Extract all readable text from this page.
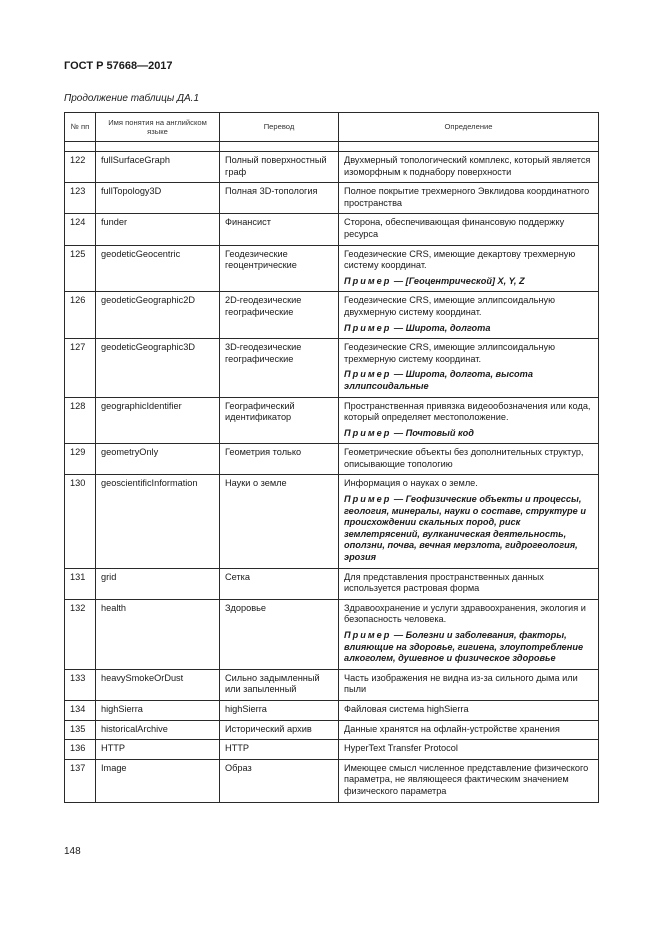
ГОСТ Р 57668—2017
Продолжение таблицы ДА.1
№ пп	Имя понятия на английском языке	Перевод	Определение

122	fullSurfaceGraph	Полный поверхностный граф	Двухмерный топологический комплекс, который является изоморфным к поднабору поверхности

123	fullTopology3D	Полная 3D-топология	Полное покрытие трехмерного Эвклидова координатного пространства

124	funder	Финансист	Сторона, обеспечивающая финансовую поддержку ресурса

125	geodeticGeocentric	Геодезические геоцентрические	Геодезические CRS, имеющие декартову трехмерную систему координат.
Пример — [Геоцентрической] X, Y, Z

126	geodeticGeographic2D	2D-геодезические географические	Геодезические CRS, имеющие эллипсоидальную двухмерную систему координат.
Пример — Широта, долгота

127	geodeticGeographic3D	3D-геодезические географические	Геодезические CRS, имеющие эллипсоидальную трехмерную систему координат.
Пример — Широта, долгота, высота эллипсоидальные

128	geographicIdentifier	Географический идентификатор	Пространственная привязка видеообозначения или кода, который определяет местоположение.
Пример — Почтовый код

129	geometryOnly	Геометрия только	Геометрические объекты без дополнительных структур, описывающие топологию

130	geoscientificInformation	Науки о земле	Информация о науках о земле.
Пример — Геофизические объекты и процессы, геология, минералы, науки о составе, структуре и происхождении скальных пород, риск землетрясений, вулканическая деятельность, оползни, почва, вечная мерзлота, гидрогеология, эрозия

131	grid	Сетка	Для представления пространственных данных используется растровая форма

132	health	Здоровье	Здравоохранение и услуги здравоохранения, экология и безопасность человека.
Пример — Болезни и заболевания, факторы, влияющие на здоровье, гигиена, злоупотребление алкоголем, душевное и физическое здоровье

133	heavySmokeOrDust	Сильно задымленный или запыленный	Часть изображения не видна из-за сильного дыма или пыли

134	highSierra	highSierra	Файловая система highSierra

135	historicalArchive	Исторический архив	Данные хранятся на офлайн-устройстве хранения

136	HTTP	HTTP	HyperText Transfer Protocol

137	Image	Образ	Имеющее смысл численное представление физического параметра, не являющееся фактическим значением физического параметра
148
